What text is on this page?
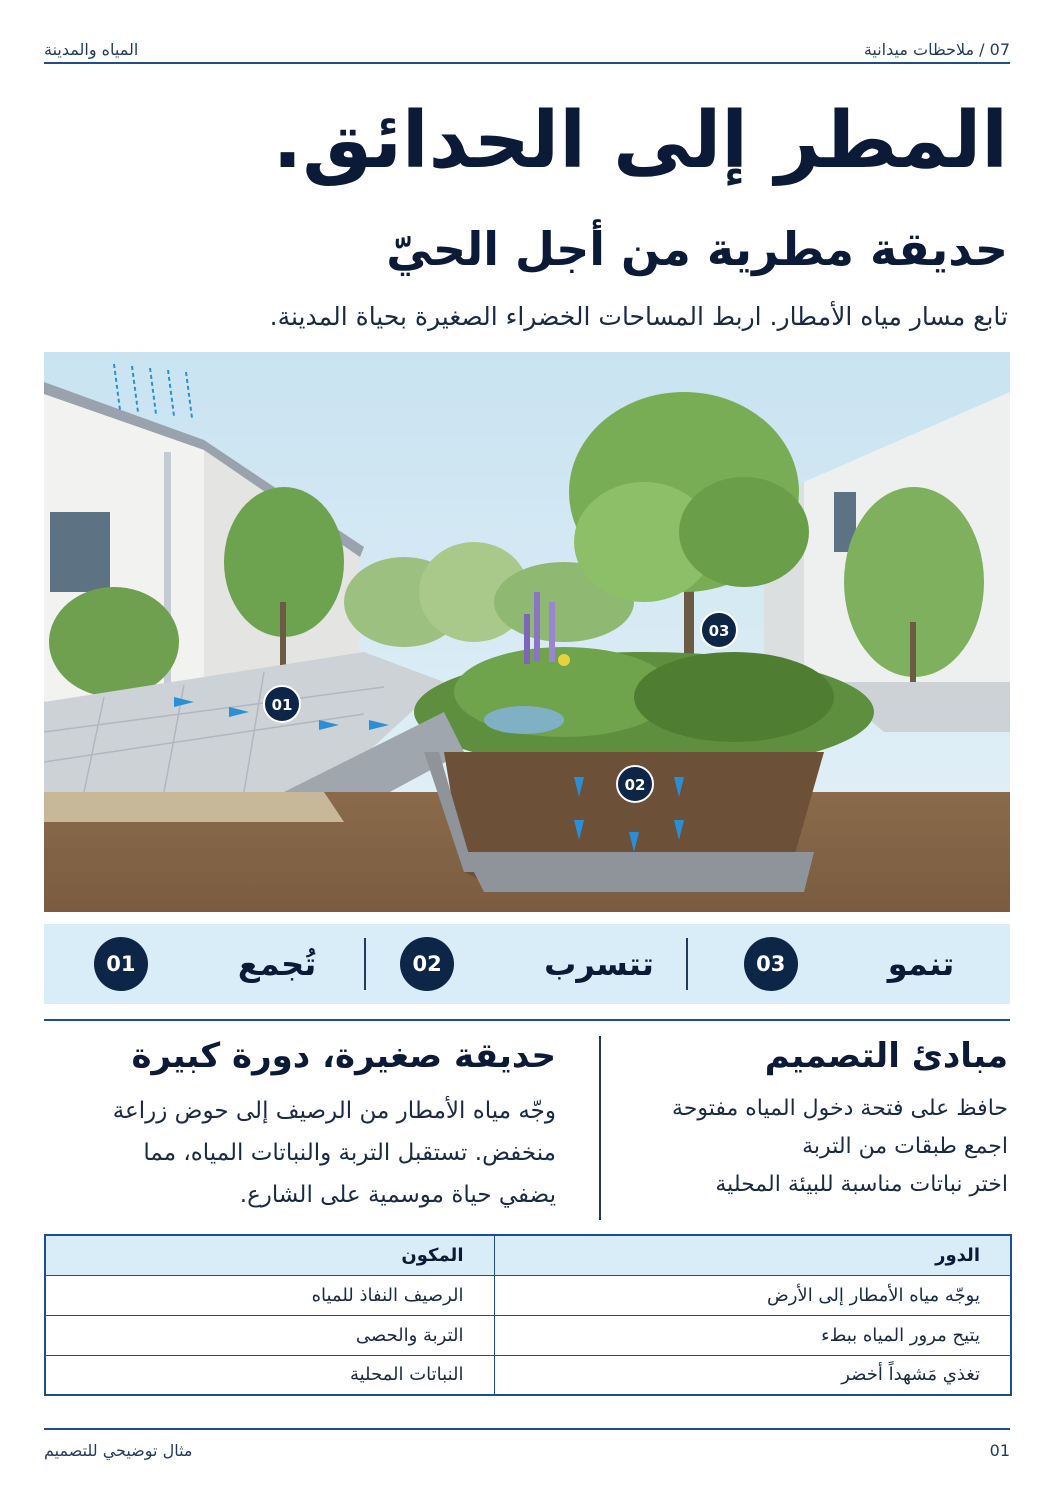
07 / ملاحظات ميدانية
المياه والمدينة
المطر إلى الحدائق.
حديقة مطرية من أجل الحيّ

تابع مسار مياه الأمطار. اربط المساحات الخضراء الصغيرة بحياة المدينة.

01
02
03
تنمو
03
تتسرب
02
تُجمع
01
مبادئ التصميم
حافظ على فتحة دخول المياه مفتوحة
اجمع طبقات من التربة
اختر نباتات مناسبة للبيئة المحلية
حديقة صغيرة، دورة كبيرة

وجّه مياه الأمطار من الرصيف إلى حوض زراعة منخفض. تستقبل التربة والنباتات المياه، مما يضفي حياة موسمية على الشارع.

الدور	المكون
يوجّه مياه الأمطار إلى الأرض	الرصيف النفاذ للمياه
يتيح مرور المياه ببطء	التربة والحصى
تغذي مَشهداً أخضر	النباتات المحلية
01
مثال توضيحي للتصميم
